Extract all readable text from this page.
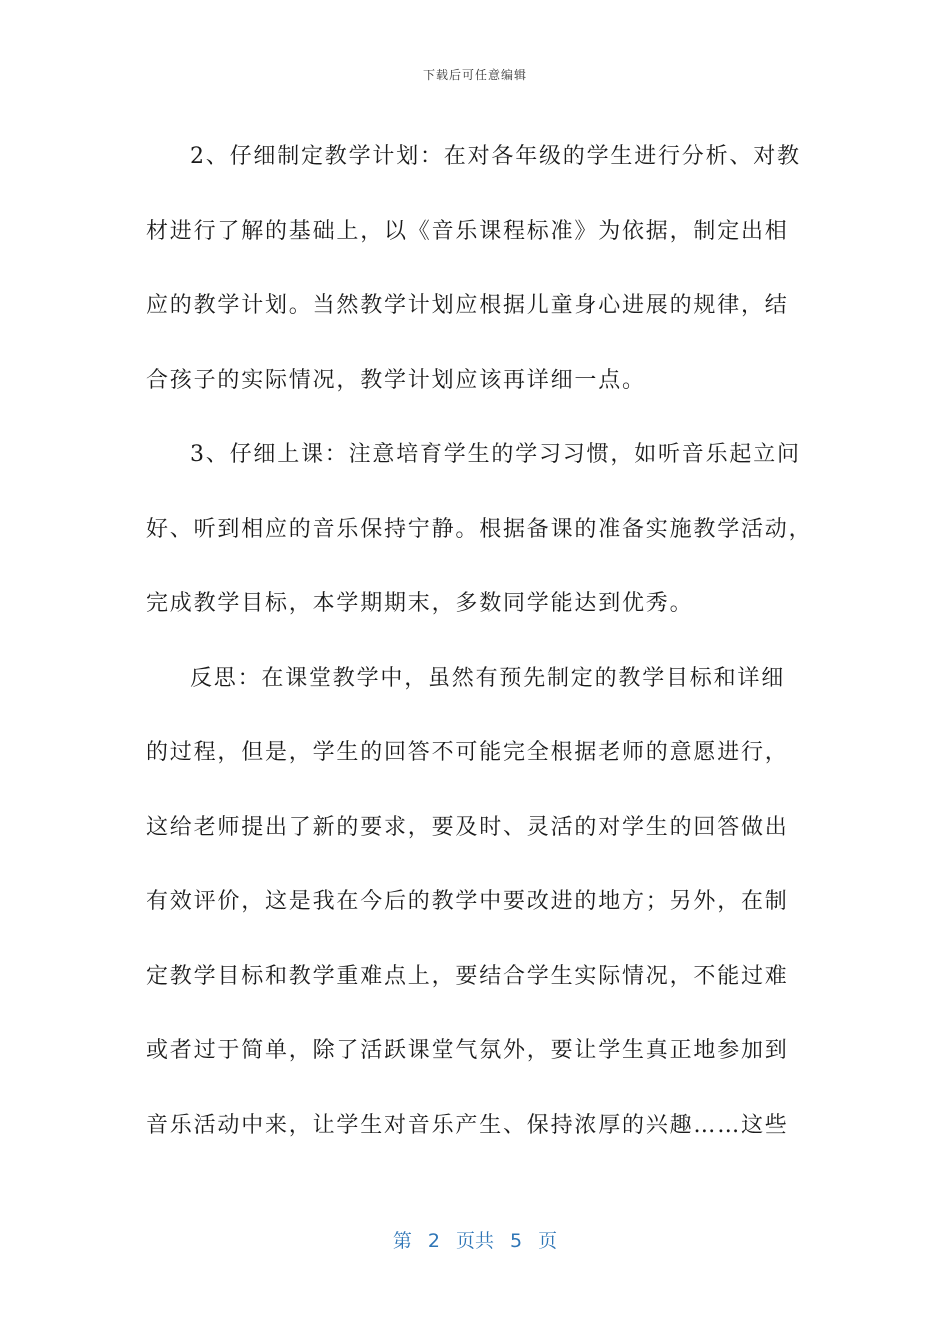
下载后可任意编辑
2、仔细制定教学计划：在对各年级的学生进行分析、对教
材进行了解的基础上，以《音乐课程标准》为依据，制定出相
应的教学计划。当然教学计划应根据儿童身心进展的规律，结
合孩子的实际情况，教学计划应该再详细一点。
3、仔细上课：注意培育学生的学习习惯，如听音乐起立问
好、听到相应的音乐保持宁静。根据备课的准备实施教学活动，
完成教学目标，本学期期末，多数同学能达到优秀。
反思：在课堂教学中，虽然有预先制定的教学目标和详细
的过程，但是，学生的回答不可能完全根据老师的意愿进行，
这给老师提出了新的要求，要及时、灵活的对学生的回答做出
有效评价，这是我在今后的教学中要改进的地方；另外，在制
定教学目标和教学重难点上，要结合学生实际情况，不能过难
或者过于简单，除了活跃课堂气氛外，要让学生真正地参加到
音乐活动中来，让学生对音乐产生、保持浓厚的兴趣……这些
第 2 页共 5 页
